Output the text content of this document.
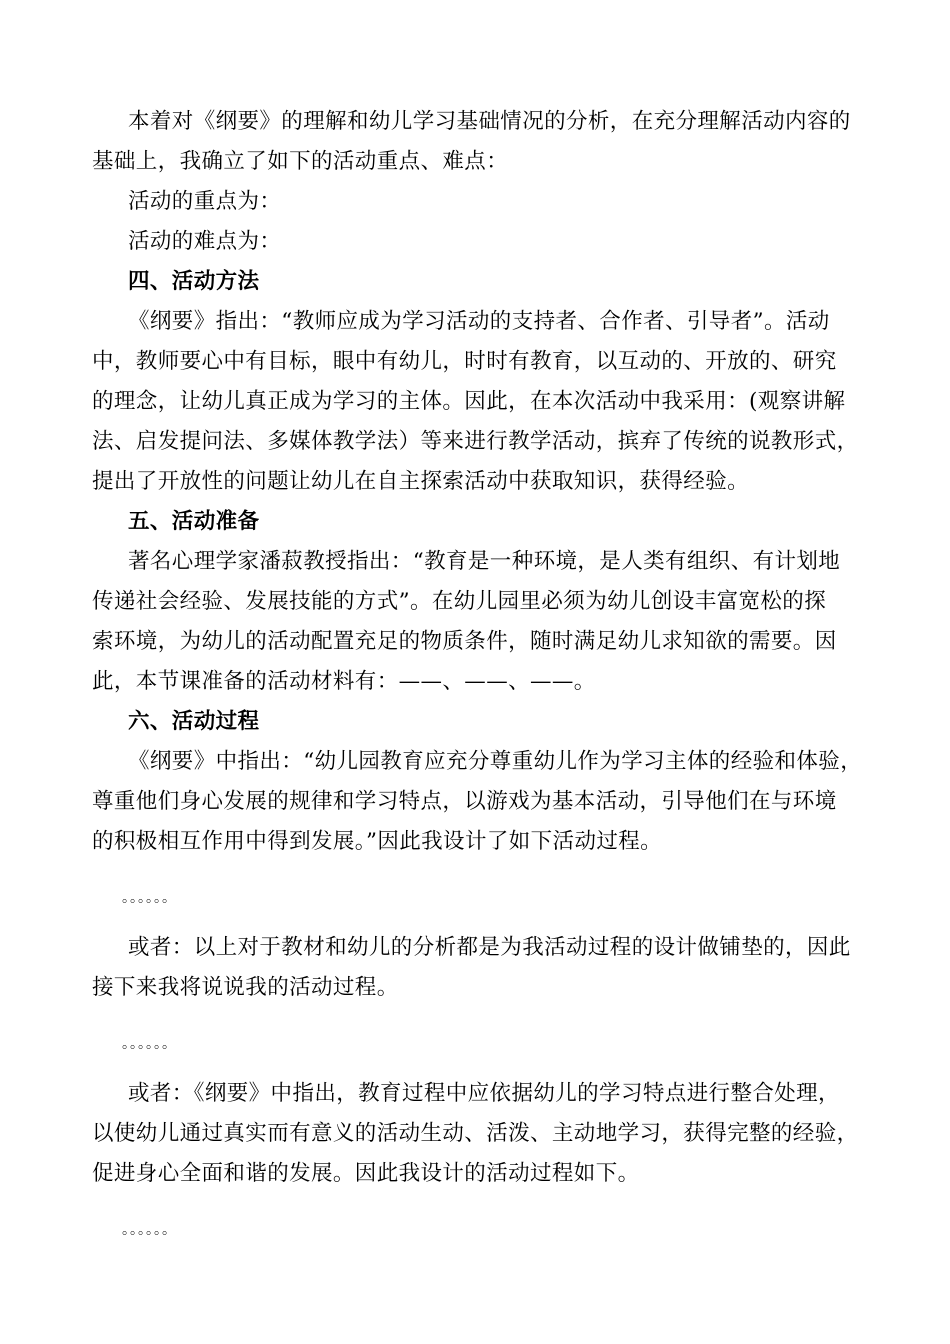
本着对《纲要》的理解和幼儿学习基础情况的分析，在充分理解活动内容的

基础上，我确立了如下的活动重点、难点：

活动的重点为：

活动的难点为：

四、活动方法

《纲要》指出：“教师应成为学习活动的支持者、合作者、引导者”。活动

中，教师要心中有目标，眼中有幼儿，时时有教育，以互动的、开放的、研究

的理念，让幼儿真正成为学习的主体。因此，在本次活动中我采用：(观察讲解

法、启发提问法、多媒体教学法）等来进行教学活动，摈弃了传统的说教形式，

提出了开放性的问题让幼儿在自主探索活动中获取知识，获得经验。

五、活动准备

著名心理学家潘菽教授指出：“教育是一种环境，是人类有组织、有计划地

传递社会经验、发展技能的方式”。在幼儿园里必须为幼儿创设丰富宽松的探

索环境，为幼儿的活动配置充足的物质条件，随时满足幼儿求知欲的需要。因

此，本节课准备的活动材料有：——、——、——。

六、活动过程

《纲要》中指出：“幼儿园教育应充分尊重幼儿作为学习主体的经验和体验，

尊重他们身心发展的规律和学习特点，以游戏为基本活动，引导他们在与环境

的积极相互作用中得到发展。”因此我设计了如下活动过程。

。。。。。。

或者：以上对于教材和幼儿的分析都是为我活动过程的设计做铺垫的，因此

接下来我将说说我的活动过程。

。。。。。。

或者：《纲要》中指出，教育过程中应依据幼儿的学习特点进行整合处理，

以使幼儿通过真实而有意义的活动生动、活泼、主动地学习，获得完整的经验，

促进身心全面和谐的发展。因此我设计的活动过程如下。

。。。。。。
